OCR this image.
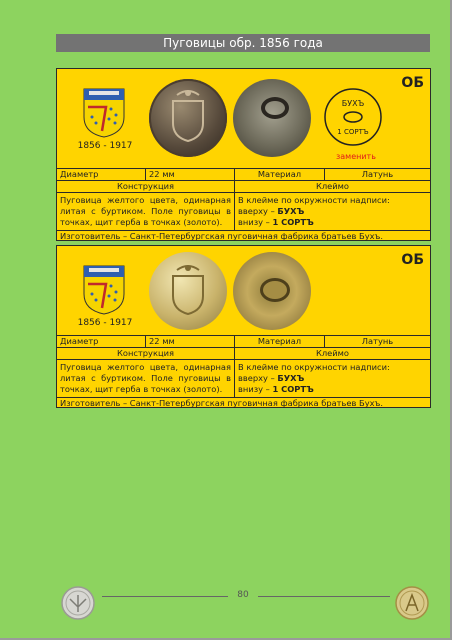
Пуговицы обр. 1856 года
1856 - 1917
БУХЪ
1 СОРТЪ
заменить
ОБ
Диаметр	22 мм	Материал	Латунь
Конструкция	Клеймо
Пуговица желтого цвета, одинарная литая с буртиком. Поле пуговицы в точках, щит герба в точках (золото).
В клейме по окружности надписи:
вверху – БУХЪ
внизу – 1 СОРТЪ
Изготовитель – Санкт-Петербургская пуговичная фабрика братьев Бухъ.
1856 - 1917
ОБ
Диаметр	22 мм	Материал	Латунь
Конструкция	Клеймо
Пуговица желтого цвета, одинарная литая с буртиком. Поле пуговицы в точках, щит герба в точках (золото).
В клейме по окружности надписи:
вверху – БУХЪ
внизу – 1 СОРТЪ
Изготовитель – Санкт-Петербургская пуговичная фабрика братьев Бухъ.
80
